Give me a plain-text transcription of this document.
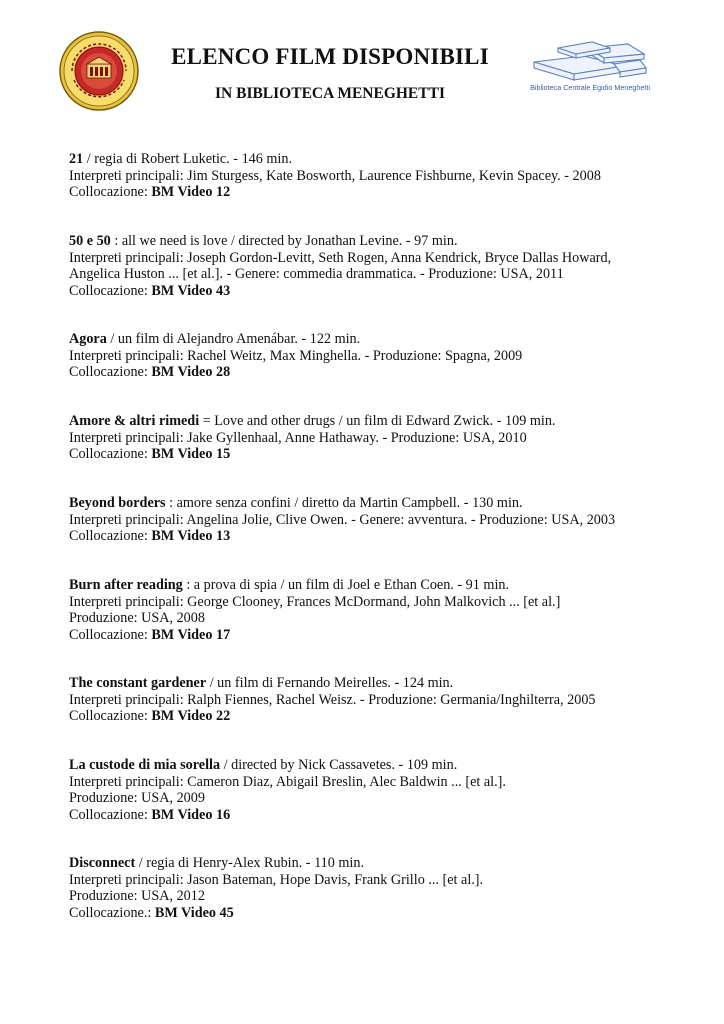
ELENCO FILM DISPONIBILI
IN BIBLIOTECA MENEGHETTI	Biblioteca Centrale Egidio Meneghetti
21 / regia di Robert Luketic. - 146 min.
Interpreti principali: Jim Sturgess, Kate Bosworth, Laurence Fishburne, Kevin Spacey. - 2008
Collocazione: BM Video 12
50 e 50 : all we need is love / directed by Jonathan Levine. - 97 min.
Interpreti principali: Joseph Gordon-Levitt, Seth Rogen, Anna Kendrick, Bryce Dallas Howard,
Angelica Huston ... [et al.]. - Genere: commedia drammatica. - Produzione: USA, 2011
Collocazione: BM Video 43
Agora / un film di Alejandro Amenábar. - 122 min.
Interpreti principali: Rachel Weitz, Max Minghella. - Produzione: Spagna, 2009
Collocazione: BM Video 28
Amore & altri rimedi = Love and other drugs / un film di Edward Zwick. - 109 min.
Interpreti principali: Jake Gyllenhaal, Anne Hathaway. - Produzione: USA, 2010
Collocazione: BM Video 15
Beyond borders : amore senza confini / diretto da Martin Campbell. - 130 min.
Interpreti principali: Angelina Jolie, Clive Owen. - Genere: avventura. - Produzione: USA, 2003
Collocazione: BM Video 13
Burn after reading : a prova di spia / un film di Joel e Ethan Coen. - 91 min.
Interpreti principali: George Clooney, Frances McDormand, John Malkovich ... [et al.]
Produzione: USA, 2008
Collocazione: BM Video 17
The constant gardener / un film di Fernando Meirelles. - 124 min.
Interpreti principali: Ralph Fiennes, Rachel Weisz. - Produzione: Germania/Inghilterra, 2005
Collocazione: BM Video 22
La custode di mia sorella / directed by Nick Cassavetes. - 109 min.
Interpreti principali: Cameron Diaz, Abigail Breslin, Alec Baldwin ... [et al.].
Produzione: USA, 2009
Collocazione: BM Video 16
Disconnect / regia di Henry-Alex Rubin. - 110 min.
Interpreti principali: Jason Bateman, Hope Davis, Frank Grillo ... [et al.].
Produzione: USA, 2012
Collocazione.: BM Video 45
